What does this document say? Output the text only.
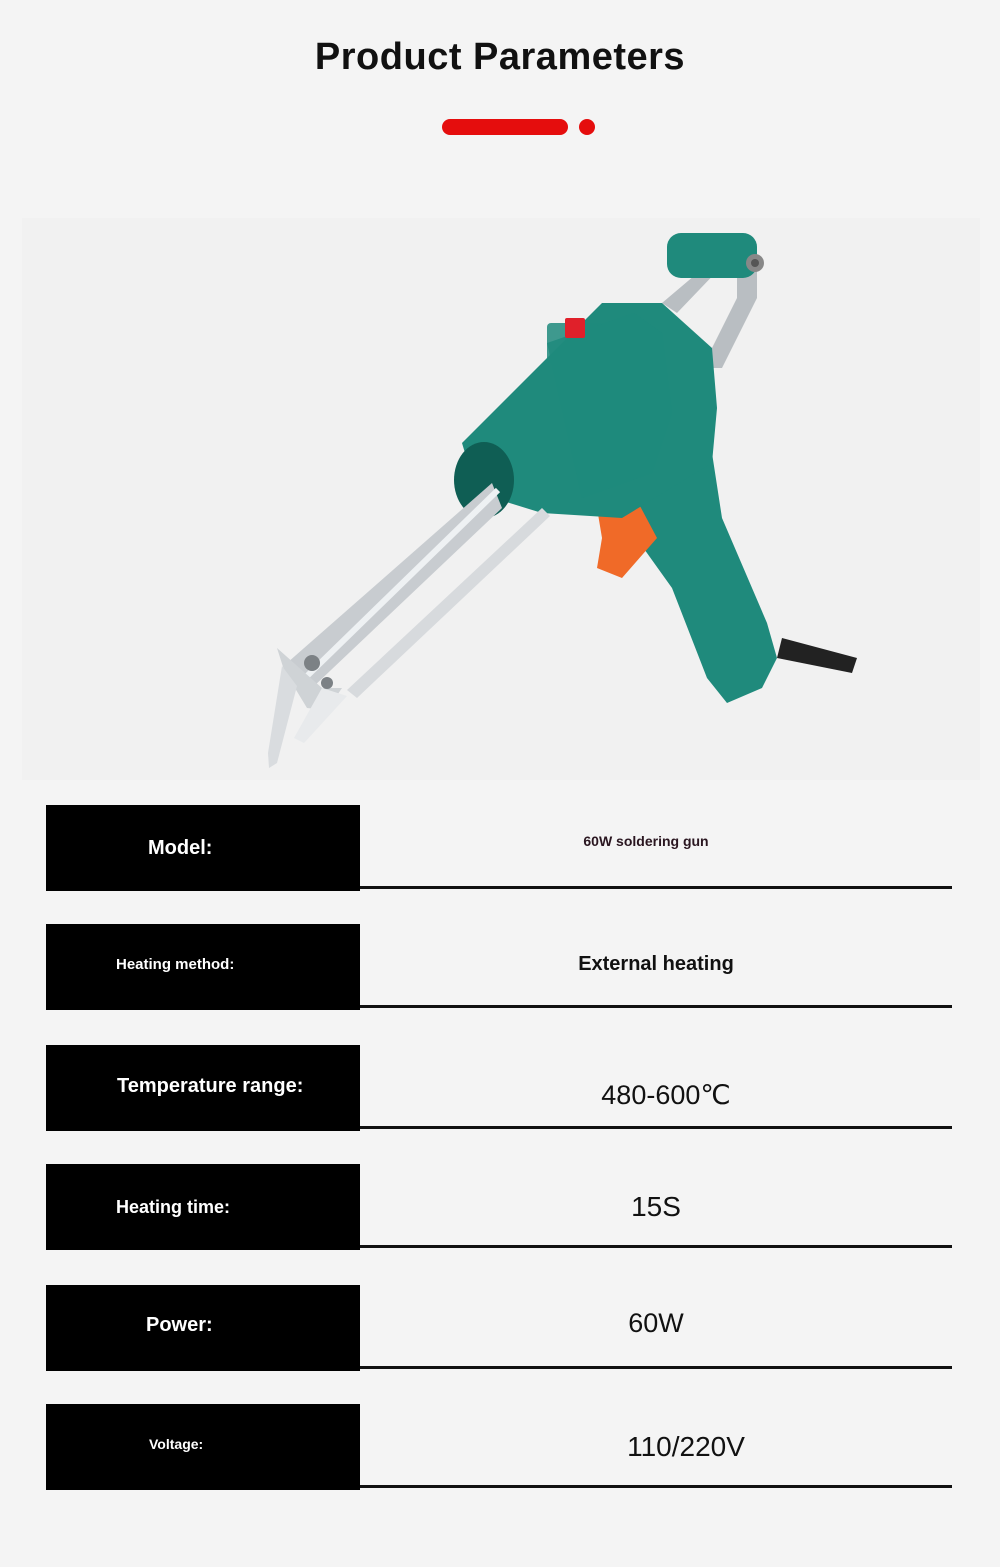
Product Parameters
Model:	60W soldering gun
Heating method:	External heating
Temperature range:	480-600℃
Heating time:	15S
Power:	60W
Voltage:	110/220V
